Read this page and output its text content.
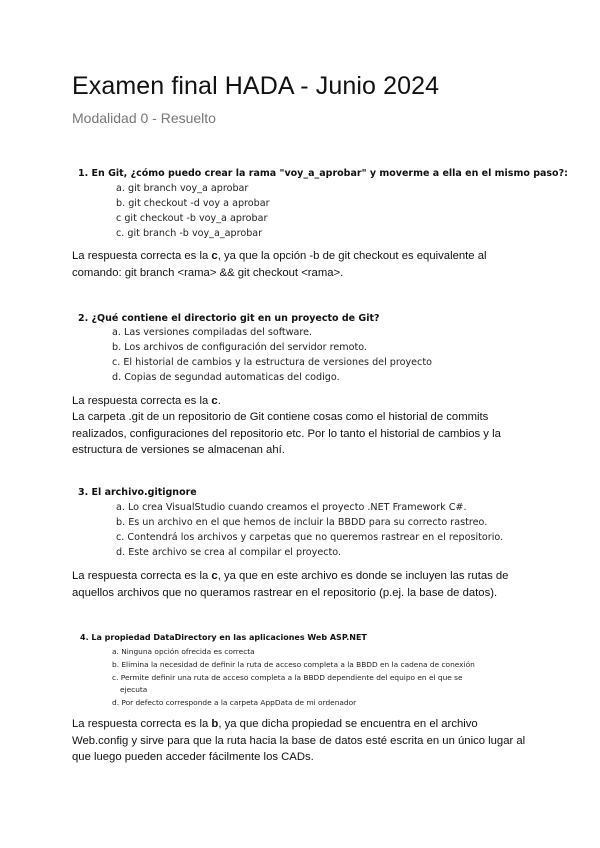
Examen final HADA - Junio 2024
Modalidad 0 - Resuelto
1. En Git, ¿cómo puedo crear la rama "voy_a_aprobar" y moverme a ella en el mismo paso?:
a. git branch voy_a aprobar
b. git checkout -d voy a aprobar
c git checkout -b voy_a aprobar
c. git branch -b voy_a_aprobar
La respuesta correcta es la c, ya que la opción -b de git checkout es equivalente al comando: git branch <rama> && git checkout <rama>.
2. ¿Qué contiene el directorio git en un proyecto de Git?
a. Las versiones compiladas del software.
b. Los archivos de configuración del servidor remoto.
c. El historial de cambios y la estructura de versiones del proyecto
d. Copias de segundad automaticas del codigo.
La respuesta correcta es la c.
La carpeta .git de un repositorio de Git contiene cosas como el historial de commits realizados, configuraciones del repositorio etc. Por lo tanto el historial de cambios y la estructura de versiones se almacenan ahí.
3. El archivo.gitignore
a. Lo crea VisualStudio cuando creamos el proyecto .NET Framework C#.
b. Es un archivo en el que hemos de incluir la BBDD para su correcto rastreo.
c. Contendrá los archivos y carpetas que no queremos rastrear en el repositorio.
d. Este archivo se crea al compilar el proyecto.
La respuesta correcta es la c, ya que en este archivo es donde se incluyen las rutas de aquellos archivos que no queramos rastrear en el repositorio (p.ej. la base de datos).
4. La propiedad DataDirectory en las aplicaciones Web ASP.NET
a. Ninguna opción ofrecida es correcta
b. Elimina la necesidad de definir la ruta de acceso completa a la BBDD en la cadena de conexión
c. Permite definir una ruta de acceso completa a la BBDD dependiente del equipo en el que se
ejecuta
d. Por defecto corresponde a la carpeta AppData de mi ordenador
La respuesta correcta es la b, ya que dicha propiedad se encuentra en el archivo Web.config y sirve para que la ruta hacia la base de datos esté escrita en un único lugar al que luego pueden acceder fácilmente los CADs.
